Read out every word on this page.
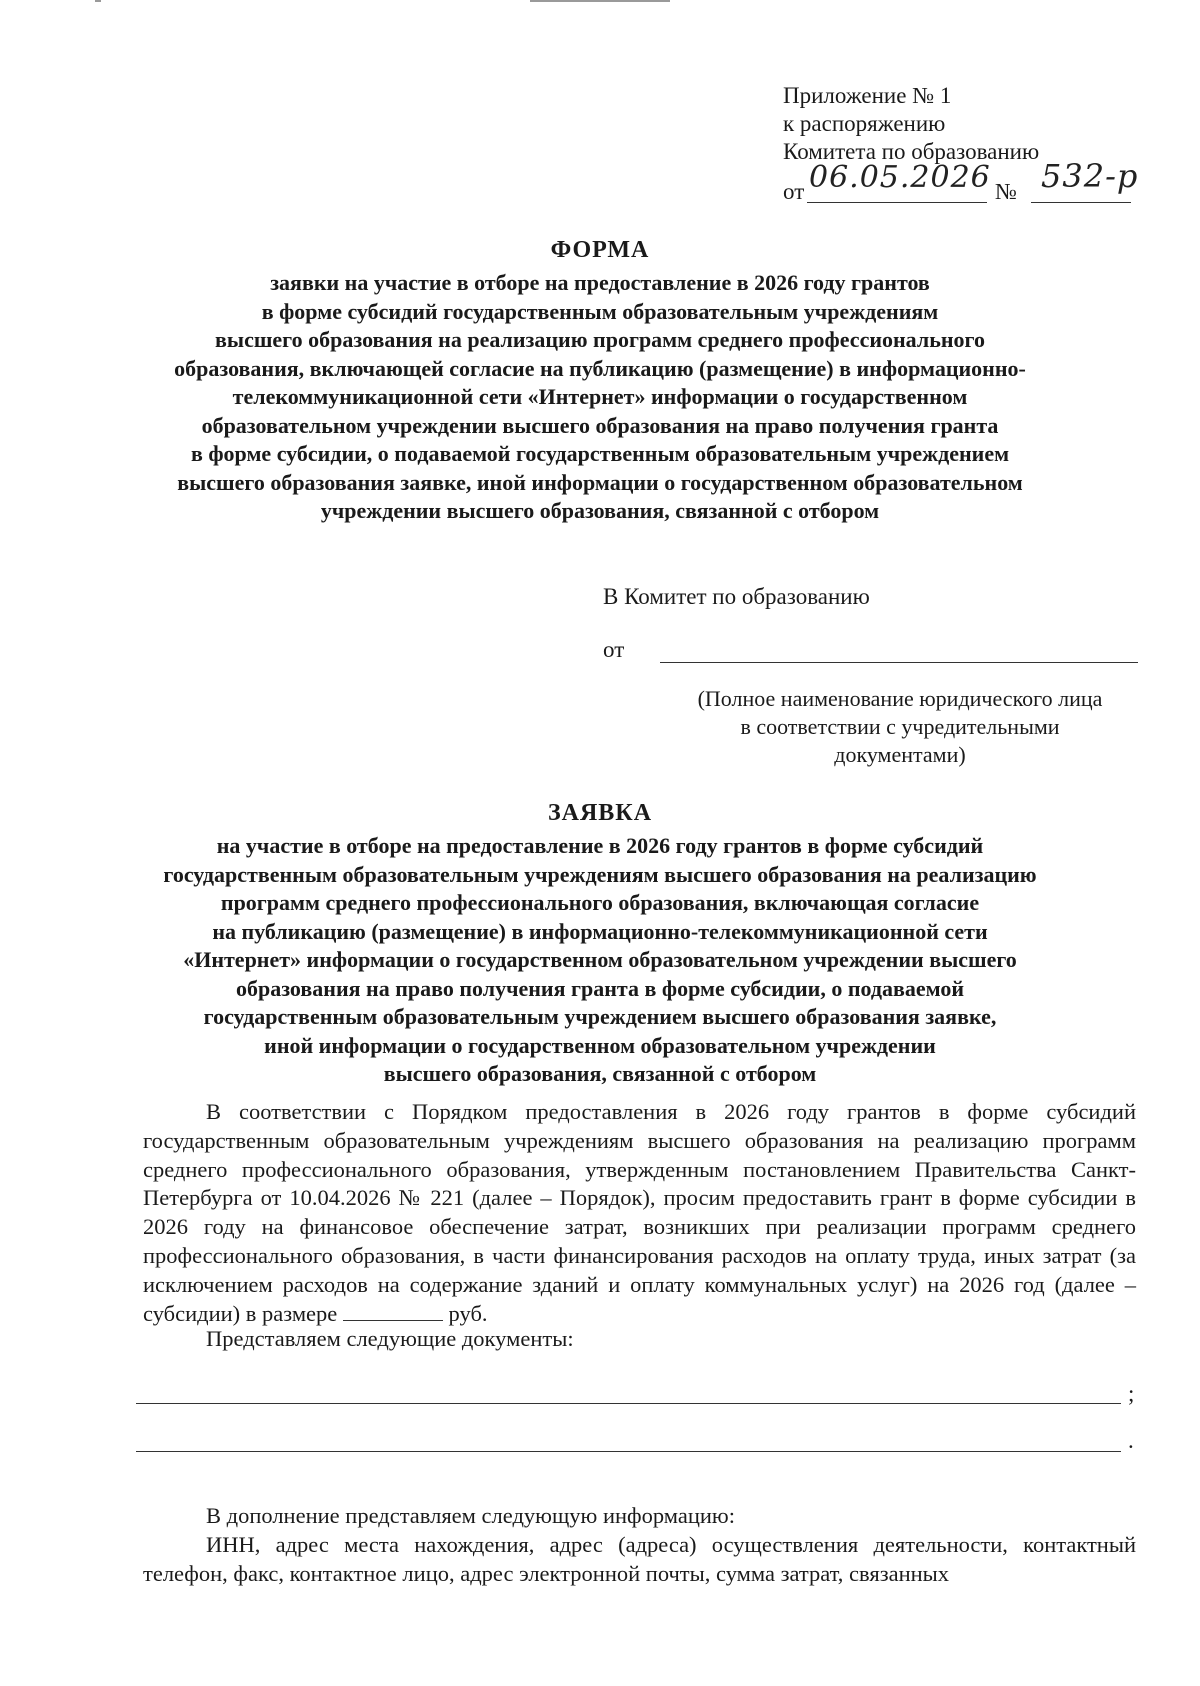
Приложение № 1
к распоряжению
Комитета по образованию
от 06.05.2026 № 532-р
ФОРМА
заявки на участие в отборе на предоставление в 2026 году грантов
в форме субсидий государственным образовательным учреждениям
высшего образования на реализацию программ среднего профессионального
образования, включающей согласие на публикацию (размещение) в информационно-
телекоммуникационной сети «Интернет» информации о государственном
образовательном учреждении высшего образования на право получения гранта
в форме субсидии, о подаваемой государственным образовательным учреждением
высшего образования заявке, иной информации о государственном образовательном
учреждении высшего образования, связанной с отбором
В Комитет по образованию
от
(Полное наименование юридического лица
в соответствии с учредительными
документами)
ЗАЯВКА
на участие в отборе на предоставление в 2026 году грантов в форме субсидий
государственным образовательным учреждениям высшего образования на реализацию
программ среднего профессионального образования, включающая согласие
на публикацию (размещение) в информационно-телекоммуникационной сети
«Интернет» информации о государственном образовательном учреждении высшего
образования на право получения гранта в форме субсидии, о подаваемой
государственным образовательным учреждением высшего образования заявке,
иной информации о государственном образовательном учреждении
высшего образования, связанной с отбором
В соответствии с Порядком предоставления в 2026 году грантов в форме субсидий государственным образовательным учреждениям высшего образования на реализацию программ среднего профессионального образования, утвержденным постановлением Правительства Санкт-Петербурга от 10.04.2026 № 221 (далее – Порядок), просим предоставить грант в форме субсидии в 2026 году на финансовое обеспечение затрат, возникших при реализации программ среднего профессионального образования, в части финансирования расходов на оплату труда, иных затрат (за исключением расходов на содержание зданий и оплату коммунальных услуг) на 2026 год (далее – субсидии) в размере	руб.
Представляем следующие документы:
;
.
В дополнение представляем следующую информацию:
ИНН, адрес места нахождения, адрес (адреса) осуществления деятельности, контактный телефон, факс, контактное лицо, адрес электронной почты, сумма затрат, связанных
